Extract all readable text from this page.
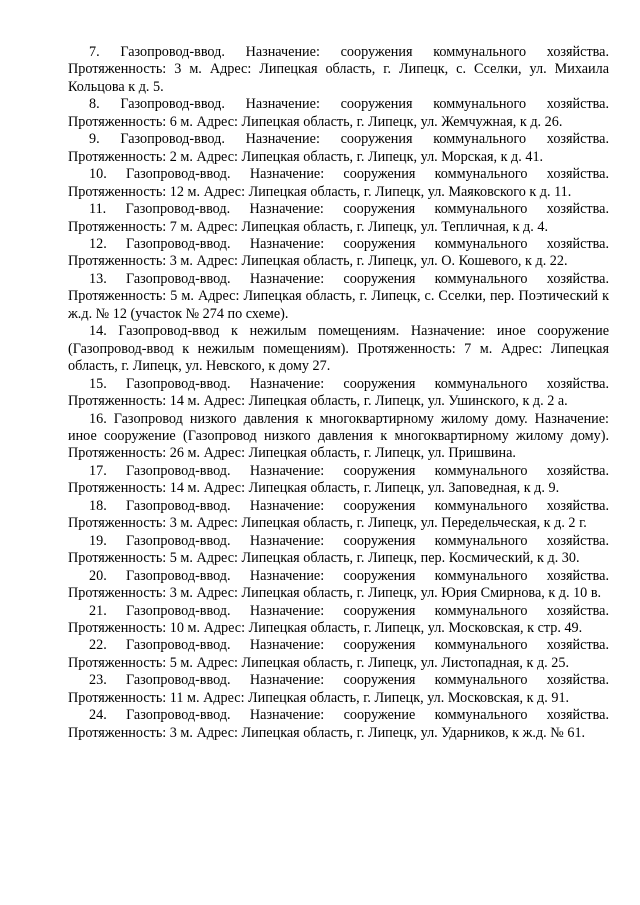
7. Газопровод-ввод. Назначение: сооружения коммунального хозяйства. Протяженность: 3 м. Адрес: Липецкая область, г. Липецк, с. Сселки, ул. Михаила Кольцова к д. 5.

8. Газопровод-ввод. Назначение: сооружения коммунального хозяйства. Протяженность: 6 м. Адрес: Липецкая область, г. Липецк, ул. Жемчужная, к д. 26.

9. Газопровод-ввод. Назначение: сооружения коммунального хозяйства. Протяженность: 2 м. Адрес: Липецкая область, г. Липецк, ул. Морская, к д. 41.

10. Газопровод-ввод. Назначение: сооружения коммунального хозяйства. Протяженность: 12 м. Адрес: Липецкая область, г. Липецк, ул. Маяковского к д. 11.

11. Газопровод-ввод. Назначение: сооружения коммунального хозяйства. Протяженность: 7 м. Адрес: Липецкая область, г. Липецк, ул. Тепличная, к д. 4.

12. Газопровод-ввод. Назначение: сооружения коммунального хозяйства. Протяженность: 3 м. Адрес: Липецкая область, г. Липецк, ул. О. Кошевого, к д. 22.

13. Газопровод-ввод. Назначение: сооружения коммунального хозяйства. Протяженность: 5 м. Адрес: Липецкая область, г. Липецк, с. Сселки, пер. Поэтический к ж.д. № 12 (участок № 274 по схеме).

14. Газопровод-ввод к нежилым помещениям. Назначение: иное сооружение (Газопровод-ввод к нежилым помещениям). Протяженность: 7 м. Адрес: Липецкая область, г. Липецк, ул. Невского, к дому 27.

15. Газопровод-ввод. Назначение: сооружения коммунального хозяйства. Протяженность: 14 м. Адрес: Липецкая область, г. Липецк, ул. Ушинского, к д. 2 а.

16. Газопровод низкого давления к многоквартирному жилому дому. Назначение: иное сооружение (Газопровод низкого давления к многоквартирному жилому дому). Протяженность: 26 м. Адрес: Липецкая область, г. Липецк, ул. Пришвина.

17. Газопровод-ввод. Назначение: сооружения коммунального хозяйства. Протяженность: 14 м. Адрес: Липецкая область, г. Липецк, ул. Заповедная, к д. 9.

18. Газопровод-ввод. Назначение: сооружения коммунального хозяйства. Протяженность: 3 м. Адрес: Липецкая область, г. Липецк, ул. Передельческая, к д. 2 г.

19. Газопровод-ввод. Назначение: сооружения коммунального хозяйства. Протяженность: 5 м. Адрес: Липецкая область, г. Липецк, пер. Космический, к д. 30.

20. Газопровод-ввод. Назначение: сооружения коммунального хозяйства. Протяженность: 3 м. Адрес: Липецкая область, г. Липецк, ул. Юрия Смирнова, к д. 10 в.

21. Газопровод-ввод. Назначение: сооружения коммунального хозяйства. Протяженность: 10 м. Адрес: Липецкая область, г. Липецк, ул. Московская, к стр. 49.

22. Газопровод-ввод. Назначение: сооружения коммунального хозяйства. Протяженность: 5 м. Адрес: Липецкая область, г. Липецк, ул. Листопадная, к д. 25.

23. Газопровод-ввод. Назначение: сооружения коммунального хозяйства. Протяженность: 11 м. Адрес: Липецкая область, г. Липецк, ул. Московская, к д. 91.

24. Газопровод-ввод. Назначение: сооружение коммунального хозяйства. Протяженность: 3 м. Адрес: Липецкая область, г. Липецк, ул. Ударников, к ж.д. № 61.
